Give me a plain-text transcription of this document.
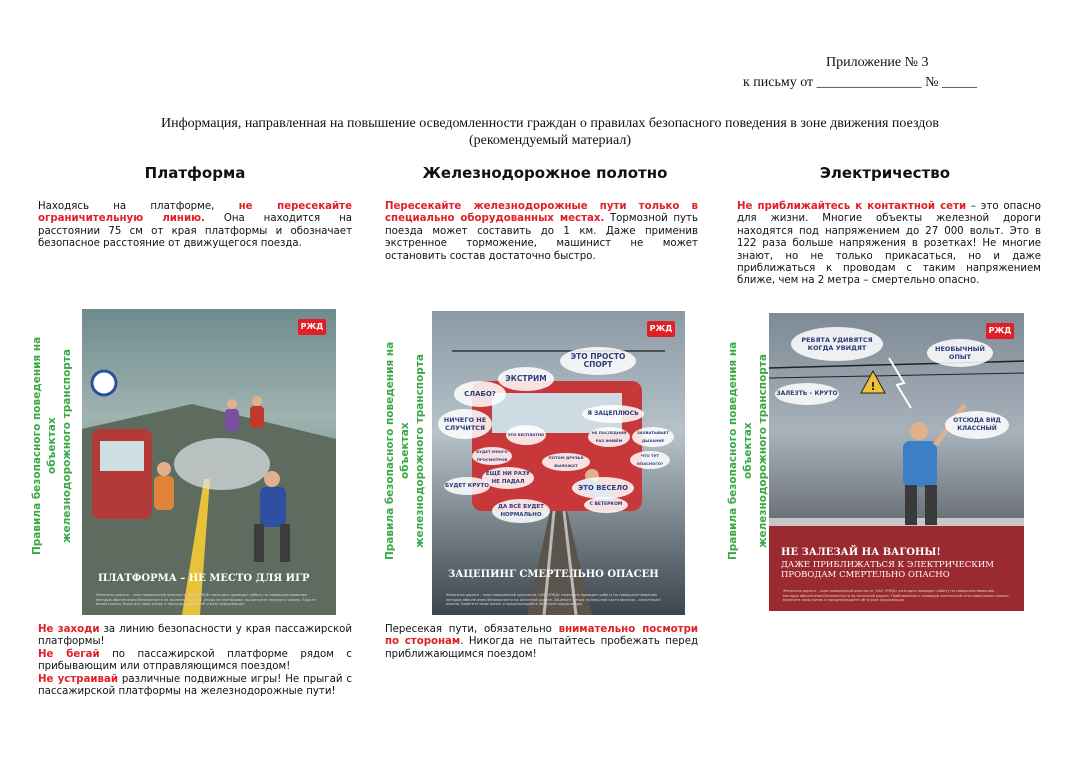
Приложение № 3
к письму от _______________ № _____
Информация, направленная на повышение осведомленности граждан о правилах безопасного поведения в зоне движения поездов
(рекомендуемый материал)
Платформа	Железнодорожное полотно	Электричество
Находясь на платформе, не пересекайте ограничительную линию. Она находится на расстоянии 75 см от края платформы и обозначает безопасное расстояние от движущегося поезда.
Пересекайте железнодорожные пути только в специально оборудованных местах. Тормозной путь поезда может составить до 1 км. Даже применив экстренное торможение, машинист не может остановить состав достаточно быстро.
Не приближайтесь к контактной сети – это опасно для жизни. Многие объекты железной дороги находятся под напряжением до 27 000 вольт. Это в 122 раза больше напряжения в розетках! Не многие знают, но не только прикасаться, но и даже приближаться к проводам с таким напряжением ближе, чем на 2 метра – смертельно опасно.
Правила безопасного поведения на объектах железнодорожного транспорта	Правила безопасного поведения на объектах железнодорожного транспорта	Правила безопасного поведения на объектах железнодорожного транспорта
РЖД
ПЛАТФОРМА – НЕ МЕСТО ДЛЯ ИГР
Железная дорога – зона повышенной опасности. ОАО «РЖД» ежегодно проводит работу по совершенствованию методов обеспечения безопасности на железной дороге. Играя на платформе, вы рискуете получить травму. Будьте внимательны, берегите свою жизнь и предупреждайте об угрозе окружающих.
СЛАБО?
ЭТО ПРОСТО СПОРТ
ЭКСТРИМ
Я ЗАЦЕПЛЮСЬ
НИЧЕГО НЕ СЛУЧИТСЯ
НЕ ПОСЛЕДНИЙ РАЗ ЖИВЁМ
ЗАХВАТЫВАЕТ ДЫХАНИЕ
ЭТО БЕСПЛАТНО
ЧТО ТУТ ОПАСНОГО?
БУДЕТ МНОГО ПРОСМОТРОВ	ПОТОМ ДРУЗЬЯ ВЫЛОЖАТ
ЕЩЁ НИ РАЗУ НЕ ПАДАЛ
БУДЕТ КРУТО	ЭТО ВЕСЕЛО
ДА ВСЁ БУДЕТ НОРМАЛЬНО
С ВЕТЕРКОМ
РЖД
ЗАЦЕПИНГ СМЕРТЕЛЬНО ОПАСЕН
Железная дорога – зона повышенной опасности. ОАО «РЖД» ежегодно проводит работу по совершенствованию методов обеспечения безопасности на железной дороге. Зацепинг – езда на внешней части вагонов – смертельно опасна. Берегите свою жизнь и предупреждайте об угрозе окружающих.
!
РЕБЯТА УДИВЯТСЯ КОГДА УВИДЯТ	НЕОБЫЧНЫЙ ОПЫТ
ЗАЛЕЗТЬ – КРУТО
ОТСЮДА ВИД КЛАССНЫЙ
РЖД
НЕ ЗАЛЕЗАЙ НА ВАГОНЫ!
ДАЖЕ ПРИБЛИЖАТЬСЯ К ЭЛЕКТРИЧЕСКИМ ПРОВОДАМ СМЕРТЕЛЬНО ОПАСНО
Железная дорога – зона повышенной опасности. ОАО «РЖД» ежегодно проводит работу по совершенствованию методов обеспечения безопасности на железной дороге. Приближение к проводам контактной сети смертельно опасно. Берегите свою жизнь и предупреждайте об угрозе окружающих.
Не заходи за линию безопасности у края пассажирской платформы!
Не бегай по пассажирской платформе рядом с прибывающим или отправляющимся поездом!
Не устраивай различные подвижные игры! Не прыгай с пассажирской платформы на железнодорожные пути!
Пересекая пути, обязательно внимательно посмотри по сторонам. Никогда не пытайтесь пробежать перед приближающимся поездом!
